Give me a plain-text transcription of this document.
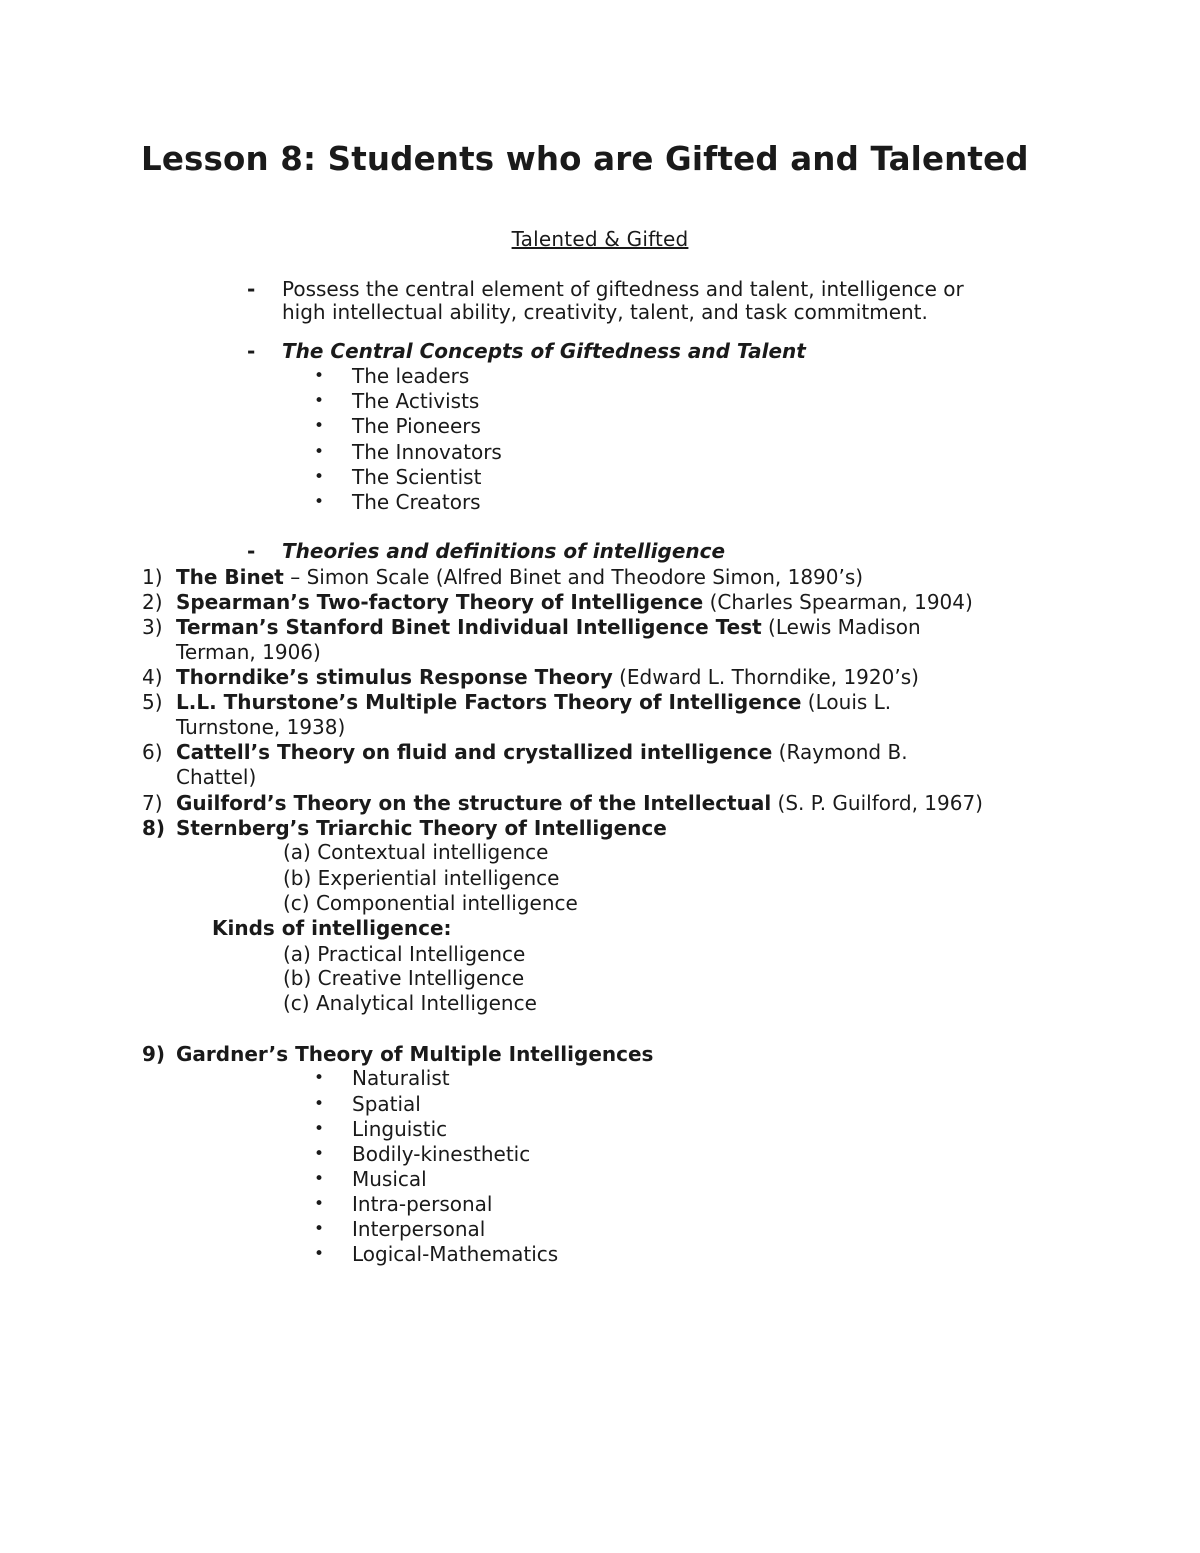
Lesson 8: Students who are Gifted and Talented
Talented & Gifted
- Possess the central element of giftedness and talent, intelligence or
high intellectual ability, creativity, talent, and task commitment.
- The Central Concepts of Giftedness and Talent
• The leaders
• The Activists
• The Pioneers
• The Innovators
• The Scientist
• The Creators
- Theories and definitions of intelligence
1) The Binet – Simon Scale (Alfred Binet and Theodore Simon, 1890’s)
2) Spearman’s Two-factory Theory of Intelligence (Charles Spearman, 1904)
3) Terman’s Stanford Binet Individual Intelligence Test (Lewis Madison
Terman, 1906)
4) Thorndike’s stimulus Response Theory (Edward L. Thorndike, 1920’s)
5) L.L. Thurstone’s Multiple Factors Theory of Intelligence (Louis L.
Turnstone, 1938)
6) Cattell’s Theory on fluid and crystallized intelligence (Raymond B.
Chattel)
7) Guilford’s Theory on the structure of the Intellectual (S. P. Guilford, 1967)
8) Sternberg’s Triarchic Theory of Intelligence
(a) Contextual intelligence
(b) Experiential intelligence
(c) Componential intelligence
Kinds of intelligence:
(a) Practical Intelligence
(b) Creative Intelligence
(c) Analytical Intelligence
9) Gardner’s Theory of Multiple Intelligences
• Naturalist
• Spatial
• Linguistic
• Bodily-kinesthetic
• Musical
• Intra-personal
• Interpersonal
• Logical-Mathematics
